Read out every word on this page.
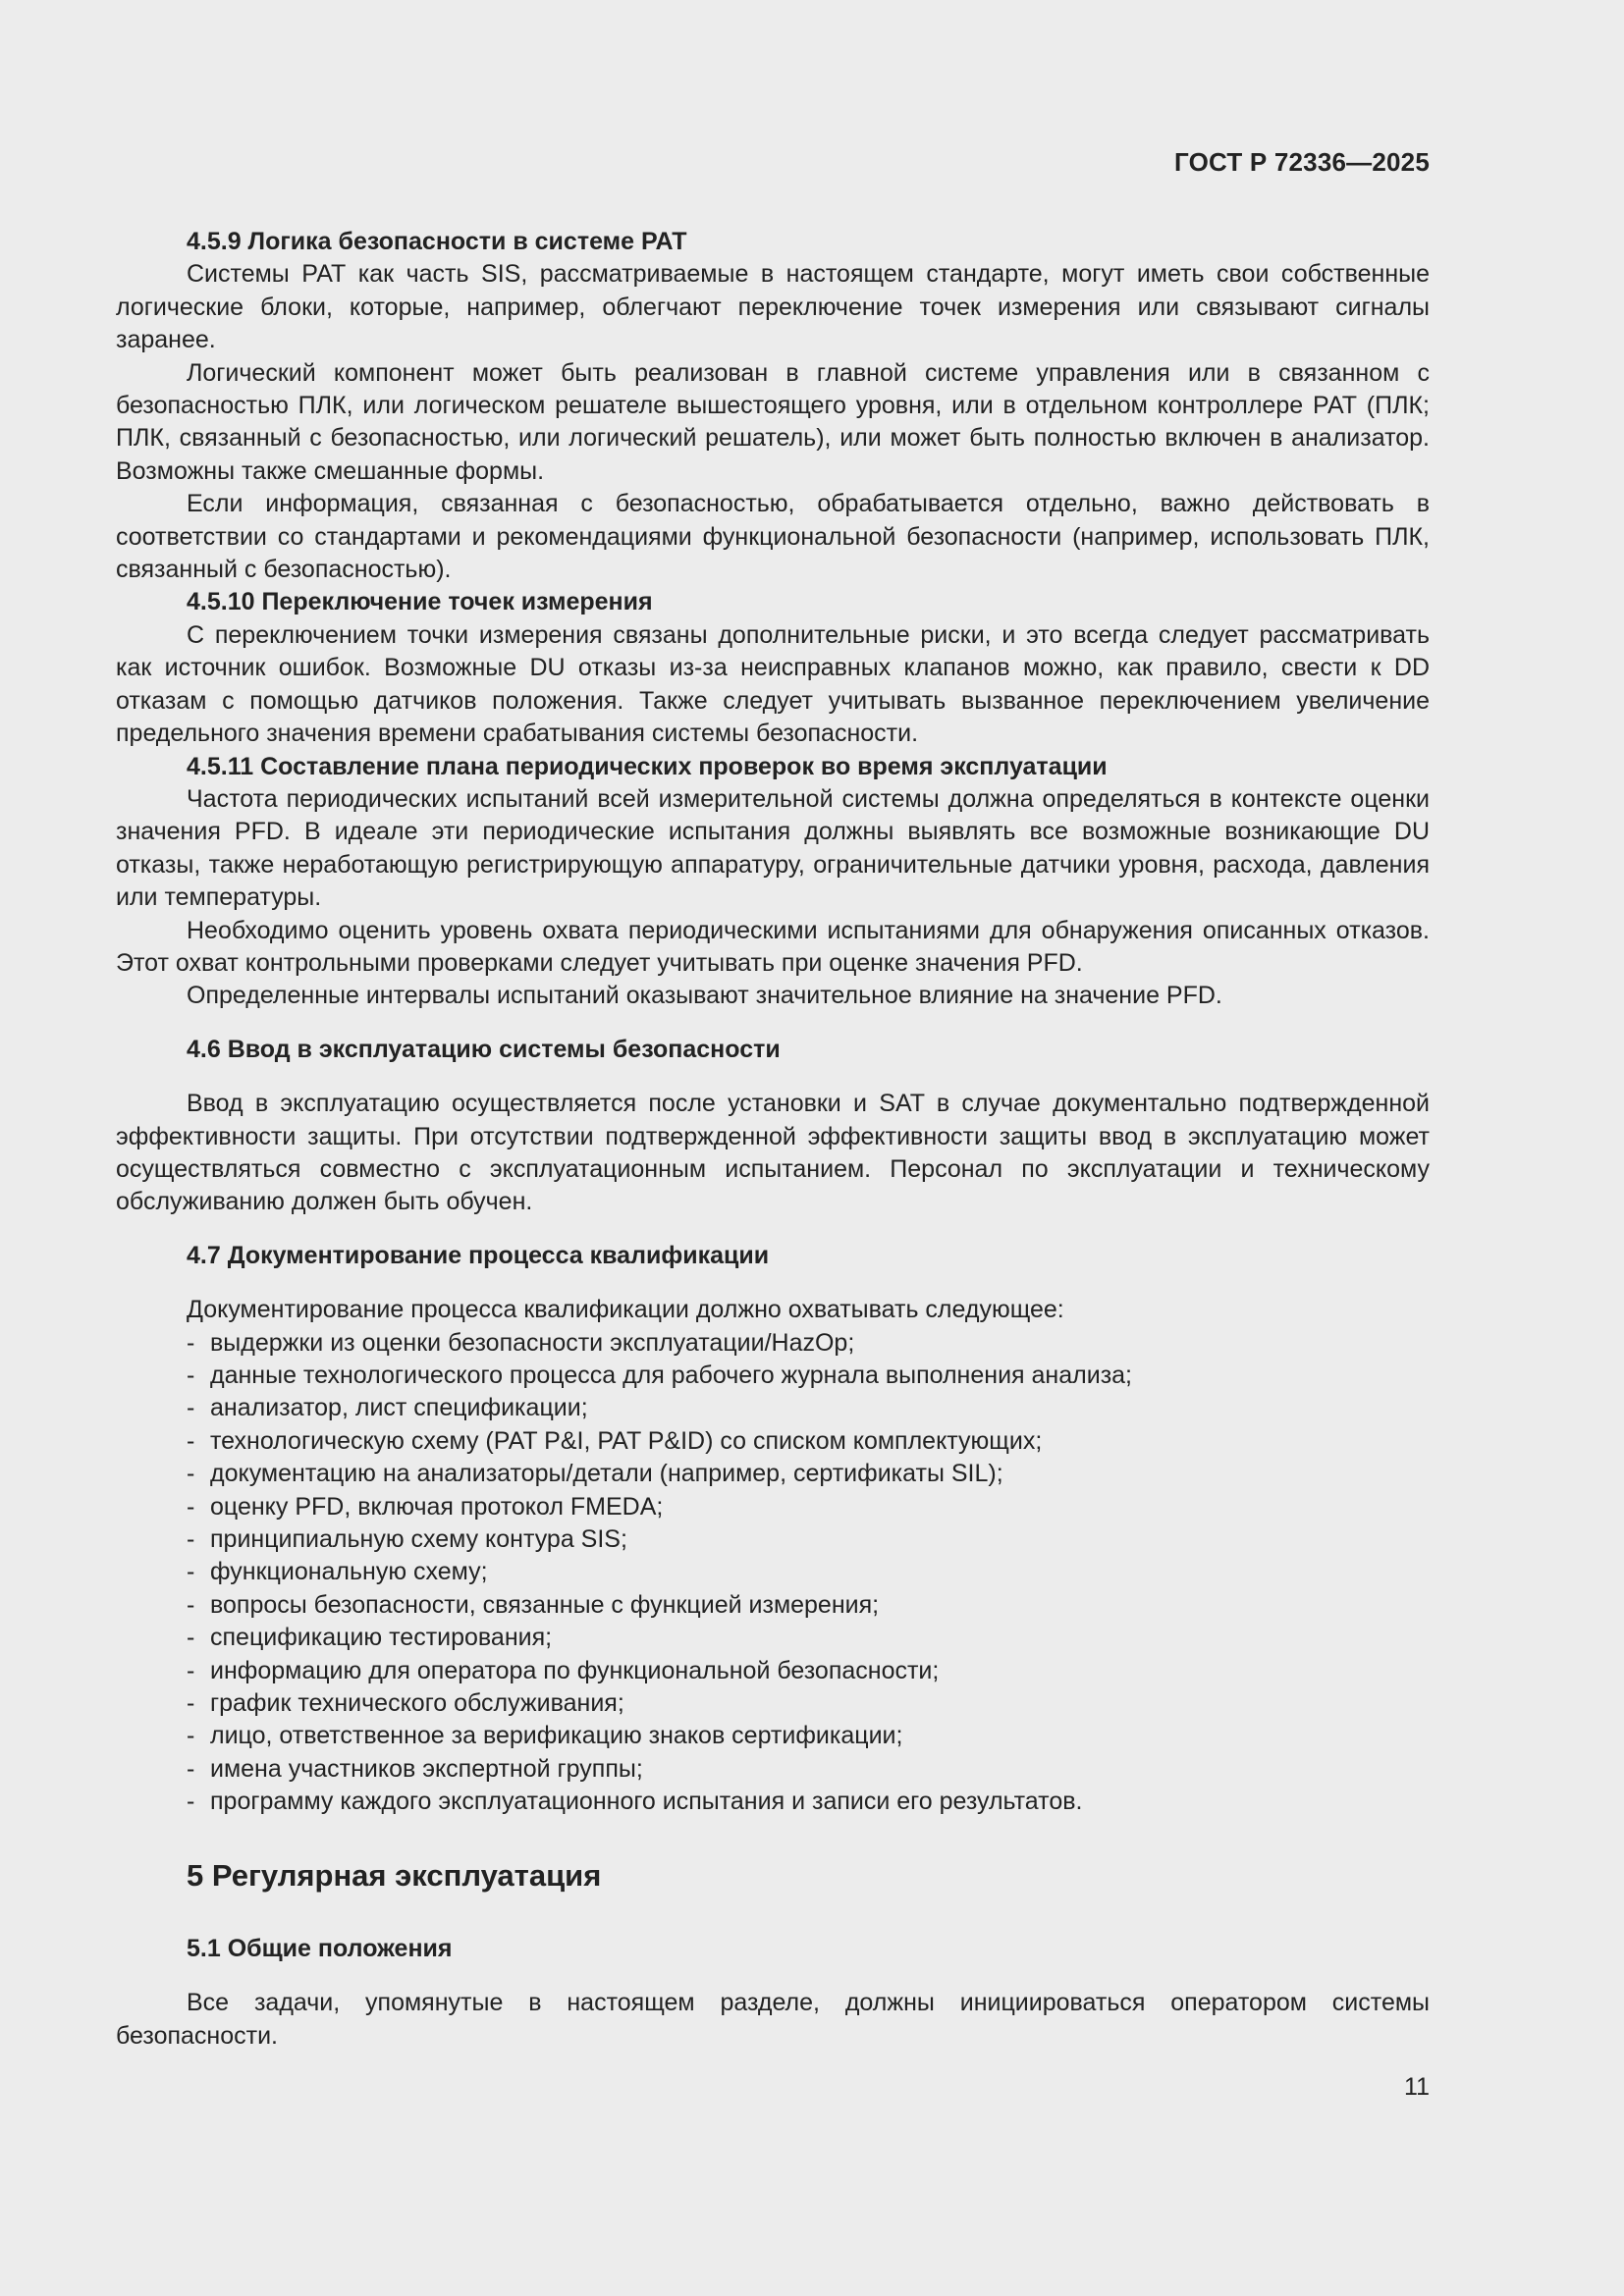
ГОСТ Р 72336—2025
4.5.9 Логика безопасности в системе РАТ

Системы РАТ как часть SIS, рассматриваемые в настоящем стандарте, могут иметь свои собственные логические блоки, которые, например, облегчают переключение точек измерения или связывают сигналы заранее.

Логический компонент может быть реализован в главной системе управления или в связанном с безопасностью ПЛК, или логическом решателе вышестоящего уровня, или в отдельном контроллере РАТ (ПЛК; ПЛК, связанный с безопасностью, или логический решатель), или может быть полностью включен в анализатор. Возможны также смешанные формы.

Если информация, связанная с безопасностью, обрабатывается отдельно, важно действовать в соответствии со стандартами и рекомендациями функциональной безопасности (например, использовать ПЛК, связанный с безопасностью).

4.5.10 Переключение точек измерения

С переключением точки измерения связаны дополнительные риски, и это всегда следует рассматривать как источник ошибок. Возможные DU отказы из-за неисправных клапанов можно, как правило, свести к DD отказам с помощью датчиков положения. Также следует учитывать вызванное переключением увеличение предельного значения времени срабатывания системы безопасности.

4.5.11 Составление плана периодических проверок во время эксплуатации

Частота периодических испытаний всей измерительной системы должна определяться в контексте оценки значения PFD. В идеале эти периодические испытания должны выявлять все возможные возникающие DU отказы, также неработающую регистрирующую аппаратуру, ограничительные датчики уровня, расхода, давления или температуры.

Необходимо оценить уровень охвата периодическими испытаниями для обнаружения описанных отказов. Этот охват контрольными проверками следует учитывать при оценке значения PFD.

Определенные интервалы испытаний оказывают значительное влияние на значение PFD.

4.6 Ввод в эксплуатацию системы безопасности

Ввод в эксплуатацию осуществляется после установки и SAT в случае документально подтвержденной эффективности защиты. При отсутствии подтвержденной эффективности защиты ввод в эксплуатацию может осуществляться совместно с эксплуатационным испытанием. Персонал по эксплуатации и техническому обслуживанию должен быть обучен.

4.7 Документирование процесса квалификации

Документирование процесса квалификации должно охватывать следующее:

- выдержки из оценки безопасности эксплуатации/HazOp;
- данные технологического процесса для рабочего журнала выполнения анализа;
- анализатор, лист спецификации;
- технологическую схему (PAT P&I, PAT P&ID) со списком комплектующих;
- документацию на анализаторы/детали (например, сертификаты SIL);
- оценку PFD, включая протокол FMEDA;
- принципиальную схему контура SIS;
- функциональную схему;
- вопросы безопасности, связанные с функцией измерения;
- спецификацию тестирования;
- информацию для оператора по функциональной безопасности;
- график технического обслуживания;
- лицо, ответственное за верификацию знаков сертификации;
- имена участников экспертной группы;
- программу каждого эксплуатационного испытания и записи его результатов.
5 Регулярная эксплуатация
5.1 Общие положения

Все задачи, упомянутые в настоящем разделе, должны инициироваться оператором системы безопасности.

11
